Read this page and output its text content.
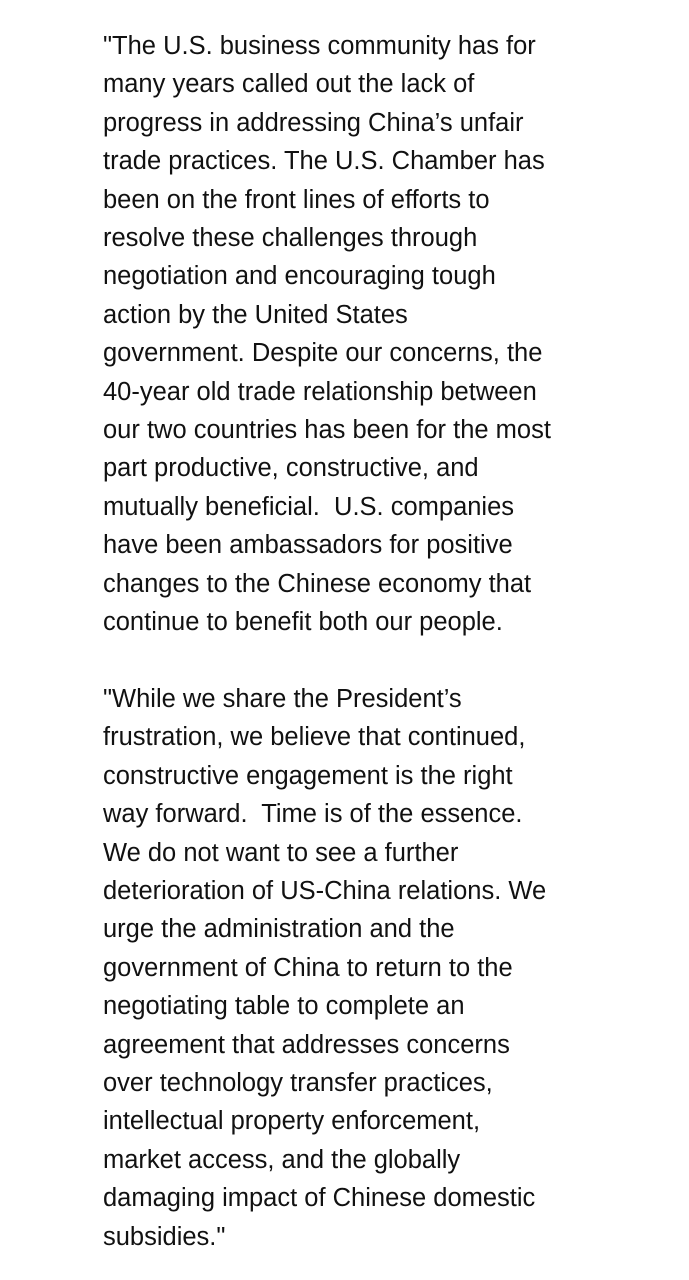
"The U.S. business community has for
many years called out the lack of
progress in addressing China’s unfair
trade practices. The U.S. Chamber has
been on the front lines of efforts to
resolve these challenges through
negotiation and encouraging tough
action by the United States
government. Despite our concerns, the
40-year old trade relationship between
our two countries has been for the most
part productive, constructive, and
mutually beneficial.  U.S. companies
have been ambassadors for positive
changes to the Chinese economy that
continue to benefit both our people.

"While we share the President’s
frustration, we believe that continued,
constructive engagement is the right
way forward.  Time is of the essence.
We do not want to see a further
deterioration of US-China relations. We
urge the administration and the
government of China to return to the
negotiating table to complete an
agreement that addresses concerns
over technology transfer practices,
intellectual property enforcement,
market access, and the globally
damaging impact of Chinese domestic
subsidies."
